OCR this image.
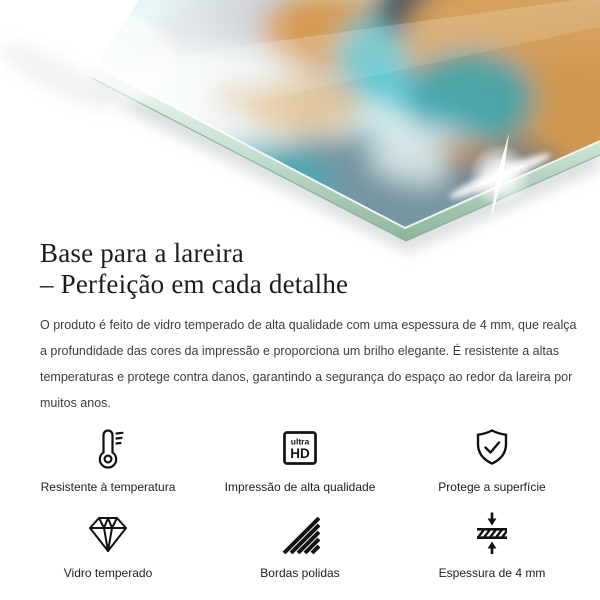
Base para a lareira
– Perfeição em cada detalhe
O produto é feito de vidro temperado de alta qualidade com uma espessura de 4 mm, que realça
a profundidade das cores da impressão e proporciona um brilho elegante. É resistente a altas
temperaturas e protege contra danos, garantindo a segurança do espaço ao redor da lareira por
muitos anos.
Resistente à temperatura
ultra
HD
Impressão de alta qualidade	Protege a superfície
Vidro temperado	Bordas polidas	Espessura de 4 mm
